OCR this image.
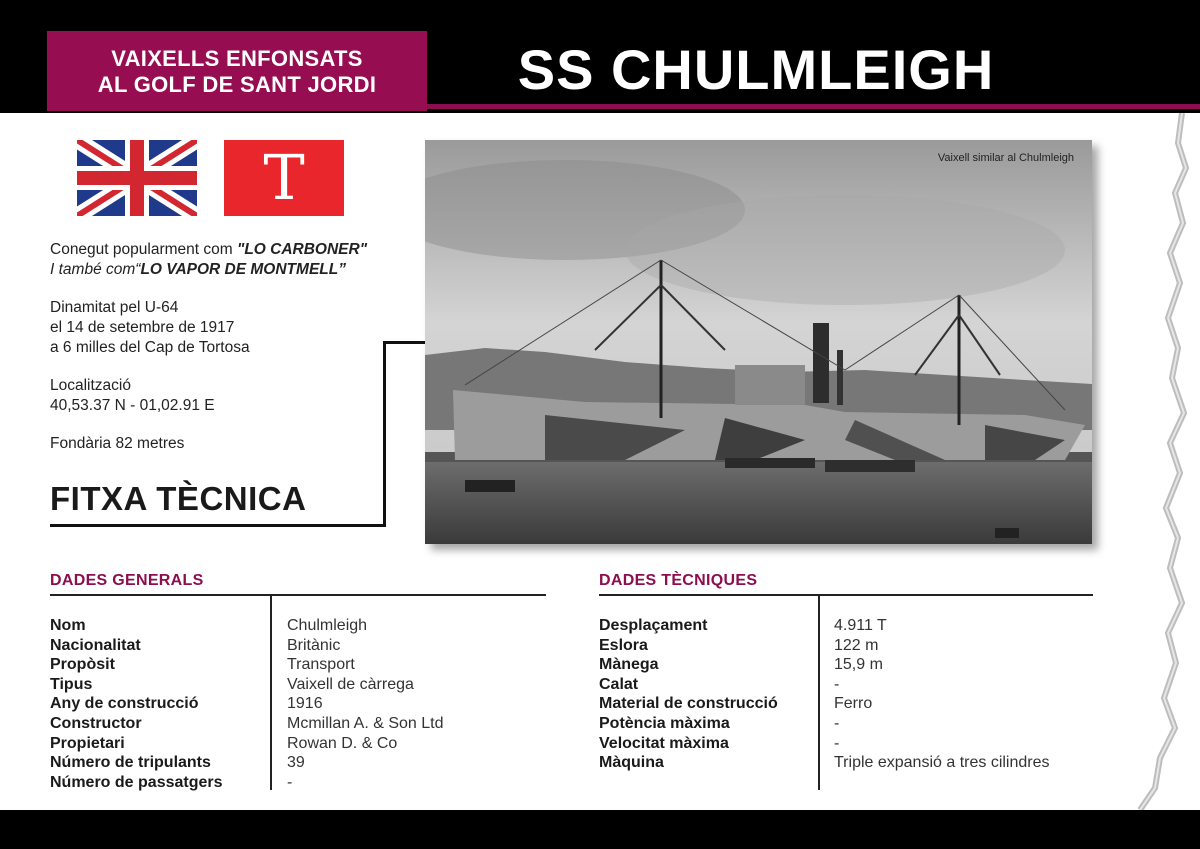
VAIXELLS ENFONSATS
AL GOLF DE SANT JORDI	SS CHULMLEIGH
T

Conegut popularment com "LO CARBONER"
I també com“LO VAPOR DE MONTMELL”

Dinamitat pel U-64
el 14 de setembre de 1917
a 6 milles del Cap de Tortosa

Localització
40,53.37 N - 01,02.91 E

Fondària 82 metres

FITXA TÈCNICA
Vaixell similar al Chulmleigh
DADES GENERALS
Nom	Chulmleigh
Nacionalitat	Britànic
Propòsit	Transport
Tipus	Vaixell de càrrega
Any de construcció	1916
Constructor	Mcmillan A. & Son Ltd
Propietari	Rowan D. & Co
Número de tripulants	39
Número de passatgers	-
DADES TÈCNIQUES
Desplaçament	4.911 T
Eslora	122 m
Mànega	15,9 m
Calat	-
Material de construcció	Ferro
Potència màxima	-
Velocitat màxima	-
Màquina	Triple expansió a tres cilindres
